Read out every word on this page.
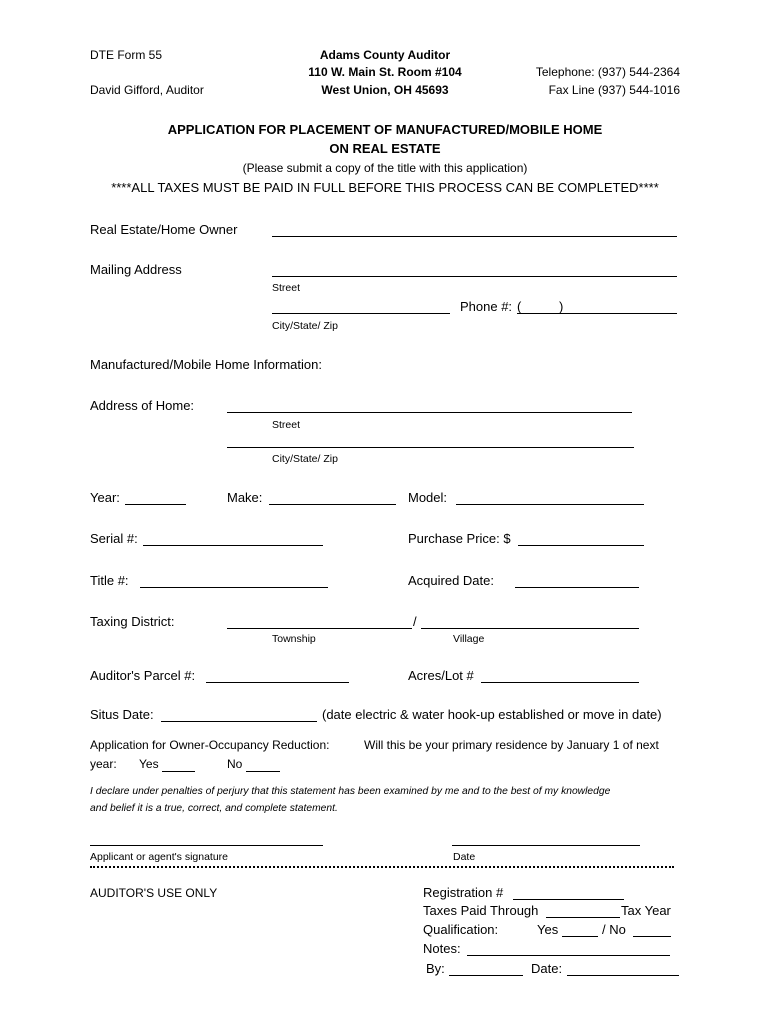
DTE Form 55
David Gifford, Auditor
Adams County Auditor
110 W. Main St. Room #104
West Union, OH 45693
Telephone: (937) 544-2364
Fax Line (937) 544-1016
APPLICATION FOR PLACEMENT OF MANUFACTURED/MOBILE HOME
ON REAL ESTATE
(Please submit a copy of the title with this application)
****ALL TAXES MUST BE PAID IN FULL BEFORE THIS PROCESS CAN BE COMPLETED****
Real Estate/Home Owner
Mailing Address
Street
Phone #: (	)
City/State/ Zip
Manufactured/Mobile Home Information:
Address of Home:
Street
City/State/ Zip
Year:	Make:	Model:
Serial #:	Purchase Price: $
Title #:	Acquired Date:
Taxing District:	/
Township	Village
Auditor's Parcel #:	Acres/Lot #
Situs Date:	(date electric & water hook-up established or move in date)
Application for Owner-Occupancy Reduction:	Will this be your primary residence by January 1 of next
year: Yes	No
I declare under penalties of perjury that this statement has been examined by me and to the best of my knowledge
and belief it is a true, correct, and complete statement.
Applicant or agent's signature	Date
AUDITOR'S USE ONLY	Registration #
Taxes Paid Through	Tax Year
Qualification:	Yes	/ No
Notes:
By:	Date:
